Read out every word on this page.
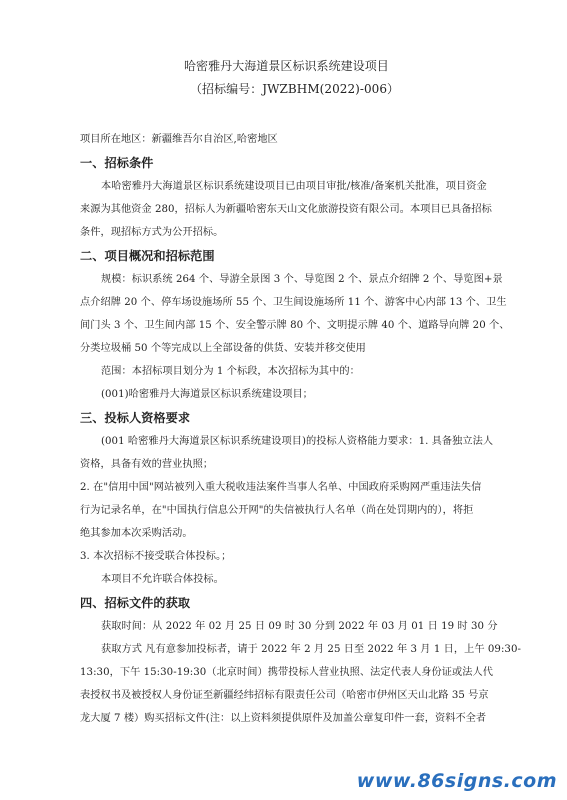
哈密雅丹大海道景区标识系统建设项目
（招标编号：JWZBHM(2022)-006）
项目所在地区：新疆维吾尔自治区,哈密地区
一、招标条件
本哈密雅丹大海道景区标识系统建设项目已由项目审批/核准/备案机关批准，项目资金
来源为其他资金 280，招标人为新疆哈密东天山文化旅游投资有限公司。本项目已具备招标
条件，现招标方式为公开招标。
二、项目概况和招标范围
规模：标识系统 264 个、导游全景图 3 个、导览图 2 个、景点介绍牌 2 个、导览图+景
点介绍牌 20 个、停车场设施场所 55 个、卫生间设施场所 11 个、游客中心内部 13 个、卫生
间门头 3 个、卫生间内部 15 个、安全警示牌 80 个、文明提示牌 40 个、道路导向牌 20 个、
分类垃圾桶 50 个等完成以上全部设备的供货、安装并移交使用
范围：本招标项目划分为 1 个标段，本次招标为其中的：
(001)哈密雅丹大海道景区标识系统建设项目；
三、投标人资格要求
(001 哈密雅丹大海道景区标识系统建设项目)的投标人资格能力要求：1. 具备独立法人
资格，具备有效的营业执照；
2. 在"信用中国"网站被列入重大税收违法案件当事人名单、中国政府采购网严重违法失信
行为记录名单，在"中国执行信息公开网"的失信被执行人名单（尚在处罚期内的），将拒
绝其参加本次采购活动。
3. 本次招标不接受联合体投标。；
本项目不允许联合体投标。
四、招标文件的获取
获取时间：从 2022 年 02 月 25 日 09 时 30 分到 2022 年 03 月 01 日 19 时 30 分
获取方式 凡有意参加投标者，请于 2022 年 2 月 25 日至 2022 年 3 月 1 日，上午 09:30-
13:30，下午 15:30-19:30（北京时间）携带投标人营业执照、法定代表人身份证或法人代
表授权书及被授权人身份证至新疆经纬招标有限责任公司（哈密市伊州区天山北路 35 号京
龙大厦 7 楼）购买招标文件(注：以上资料须提供原件及加盖公章复印件一套，资料不全者
www.86signs.com
